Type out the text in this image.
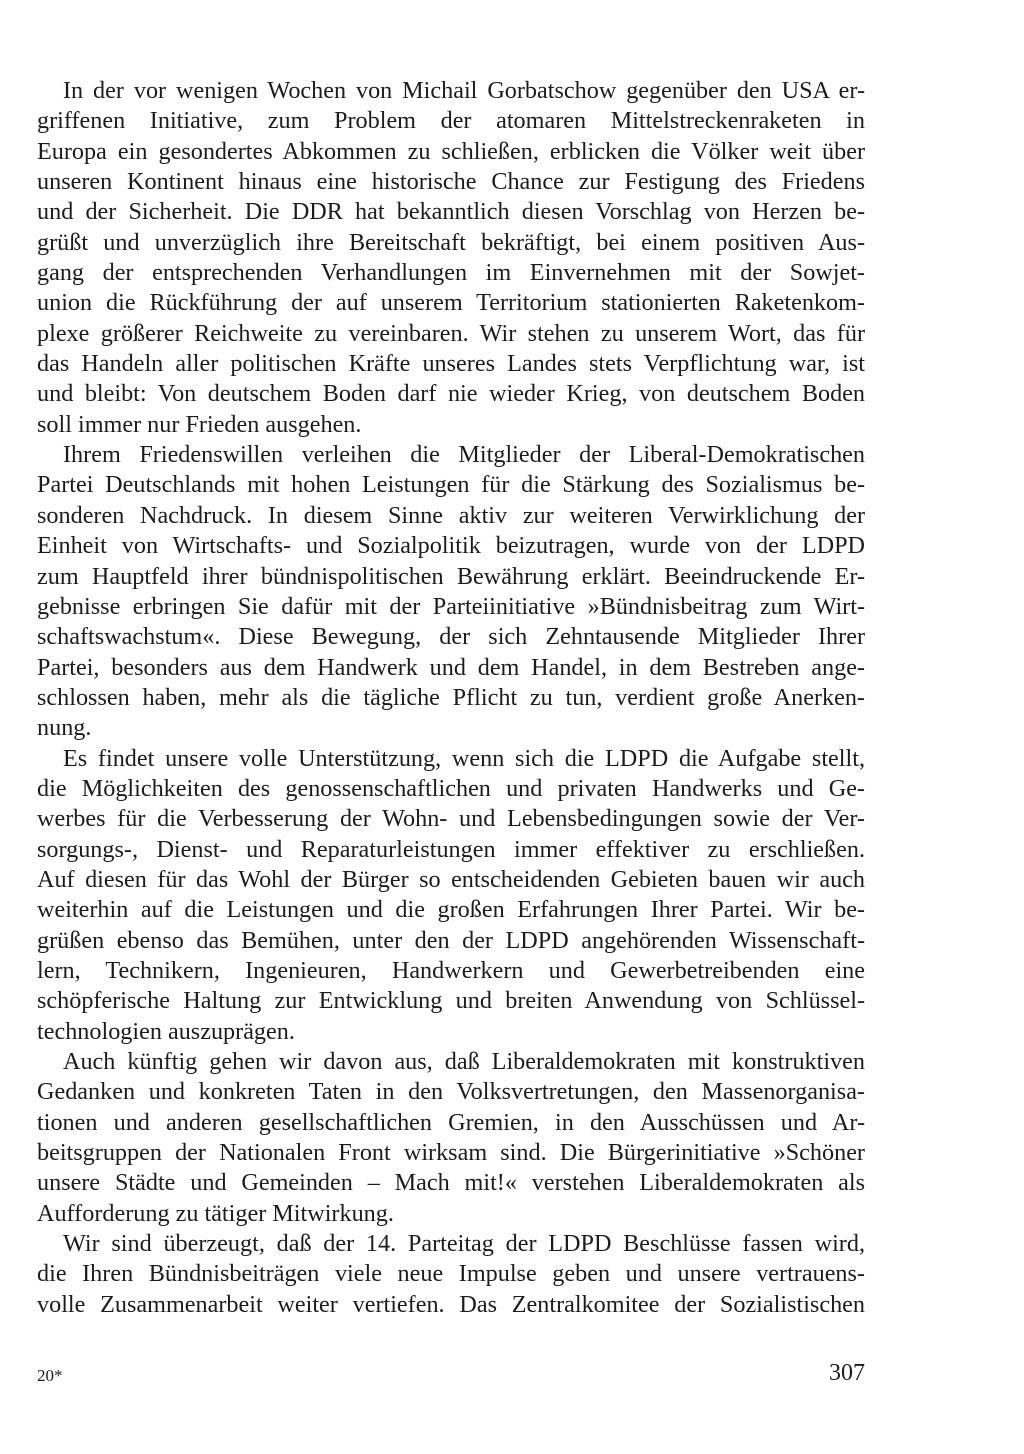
In der vor wenigen Wochen von Michail Gorbatschow gegenüber den USA er-
griffenen Initiative, zum Problem der atomaren Mittelstreckenraketen in
Europa ein gesondertes Abkommen zu schließen, erblicken die Völker weit über
unseren Kontinent hinaus eine historische Chance zur Festigung des Friedens
und der Sicherheit. Die DDR hat bekanntlich diesen Vorschlag von Herzen be-
grüßt und unverzüglich ihre Bereitschaft bekräftigt, bei einem positiven Aus-
gang der entsprechenden Verhandlungen im Einvernehmen mit der Sowjet-
union die Rückführung der auf unserem Territorium stationierten Raketenkom-
plexe größerer Reichweite zu vereinbaren. Wir stehen zu unserem Wort, das für
das Handeln aller politischen Kräfte unseres Landes stets Verpflichtung war, ist
und bleibt: Von deutschem Boden darf nie wieder Krieg, von deutschem Boden
soll immer nur Frieden ausgehen.
Ihrem Friedenswillen verleihen die Mitglieder der Liberal-Demokratischen
Partei Deutschlands mit hohen Leistungen für die Stärkung des Sozialismus be-
sonderen Nachdruck. In diesem Sinne aktiv zur weiteren Verwirklichung der
Einheit von Wirtschafts- und Sozialpolitik beizutragen, wurde von der LDPD
zum Hauptfeld ihrer bündnispolitischen Bewährung erklärt. Beeindruckende Er-
gebnisse erbringen Sie dafür mit der Parteiinitiative »Bündnisbeitrag zum Wirt-
schaftswachstum«. Diese Bewegung, der sich Zehntausende Mitglieder Ihrer
Partei, besonders aus dem Handwerk und dem Handel, in dem Bestreben ange-
schlossen haben, mehr als die tägliche Pflicht zu tun, verdient große Anerken-
nung.
Es findet unsere volle Unterstützung, wenn sich die LDPD die Aufgabe stellt,
die Möglichkeiten des genossenschaftlichen und privaten Handwerks und Ge-
werbes für die Verbesserung der Wohn- und Lebensbedingungen sowie der Ver-
sorgungs-, Dienst- und Reparaturleistungen immer effektiver zu erschließen.
Auf diesen für das Wohl der Bürger so entscheidenden Gebieten bauen wir auch
weiterhin auf die Leistungen und die großen Erfahrungen Ihrer Partei. Wir be-
grüßen ebenso das Bemühen, unter den der LDPD angehörenden Wissenschaft-
lern, Technikern, Ingenieuren, Handwerkern und Gewerbetreibenden eine
schöpferische Haltung zur Entwicklung und breiten Anwendung von Schlüssel-
technologien auszuprägen.
Auch künftig gehen wir davon aus, daß Liberaldemokraten mit konstruktiven
Gedanken und konkreten Taten in den Volksvertretungen, den Massenorganisa-
tionen und anderen gesellschaftlichen Gremien, in den Ausschüssen und Ar-
beitsgruppen der Nationalen Front wirksam sind. Die Bürgerinitiative »Schöner
unsere Städte und Gemeinden – Mach mit!« verstehen Liberaldemokraten als
Aufforderung zu tätiger Mitwirkung.
Wir sind überzeugt, daß der 14. Parteitag der LDPD Beschlüsse fassen wird,
die Ihren Bündnisbeiträgen viele neue Impulse geben und unsere vertrauens-
volle Zusammenarbeit weiter vertiefen. Das Zentralkomitee der Sozialistischen
20*	307
